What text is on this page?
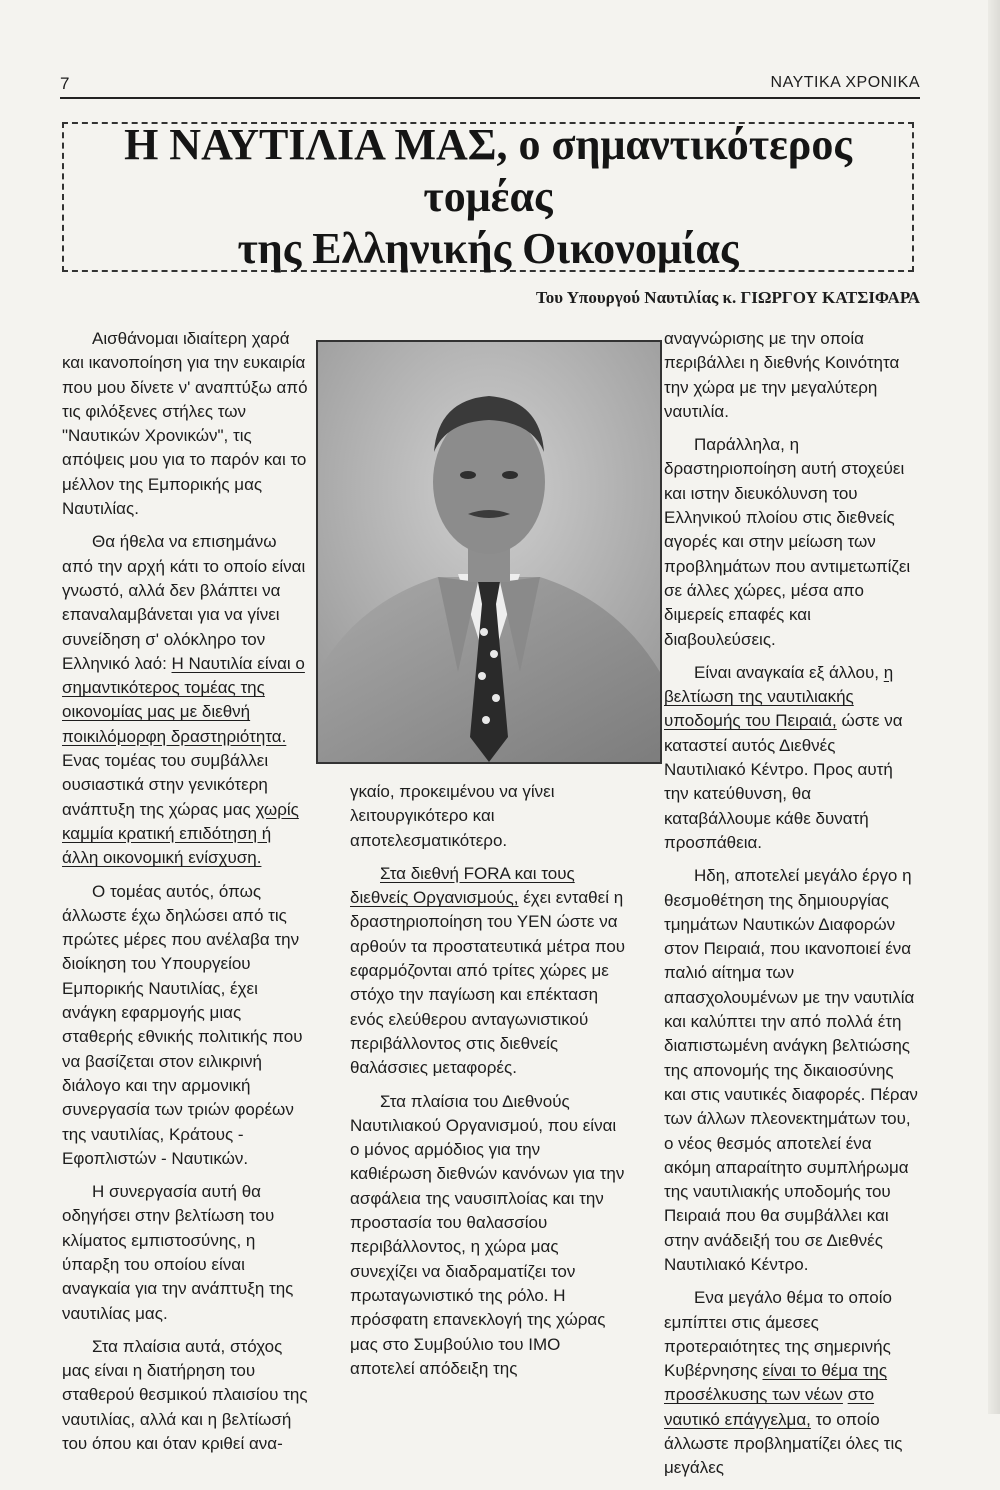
7	ΝΑΥΤΙΚΑ ΧΡΟΝΙΚΑ
Η ΝΑΥΤΙΛΙΑ ΜΑΣ, ο σημαντικότερος τομέας
της Ελληνικής Οικονομίας
Του Υπουργού Ναυτιλίας κ. ΓΙΩΡΓΟΥ ΚΑΤΣΙΦΑΡΑ

Αισθάνομαι ιδιαίτερη χαρά και ικανοποίηση για την ευκαιρία που μου δίνετε ν' αναπτύξω από τις φιλόξενες στήλες των "Ναυτικών Χρονικών", τις απόψεις μου για το παρόν και το μέλλον της Εμπορικής μας Ναυτιλίας.

Θα ήθελα να επισημάνω από την αρχή κάτι το οποίο είναι γνωστό, αλλά δεν βλάπτει να επαναλαμβάνεται για να γίνει συνείδηση σ' ολόκληρο τον Ελληνικό λαό: Η Ναυτιλία είναι ο σημαντικότερος τομέας της οικονομίας μας με διεθνή ποικιλόμορφη δραστηριότητα. Ενας τομέας του συμβάλλει ουσιαστικά στην γενικότερη ανάπτυξη της χώρας μας χωρίς καμμία κρατική επιδότηση ή άλλη οικονομική ενίσχυση.

Ο τομέας αυτός, όπως άλλωστε έχω δηλώσει από τις πρώτες μέρες που ανέλαβα την διοίκηση του Υπουργείου Εμπορικής Ναυτιλίας, έχει ανάγκη εφαρμογής μιας σταθερής εθνικής πολιτικής που να βασίζεται στον ειλικρινή διάλογο και την αρμονική συνεργασία των τριών φορέων της ναυτιλίας, Κράτους - Εφοπλιστών - Ναυτικών.

Η συνεργασία αυτή θα οδηγήσει στην βελτίωση του κλίματος εμπιστοσύνης, η ύπαρξη του οποίου είναι αναγκαία για την ανάπτυξη της ναυτιλίας μας.

Στα πλαίσια αυτά, στόχος μας είναι η διατήρηση του σταθερού θεσμικού πλαισίου της ναυτιλίας, αλλά και η βελτίωσή του όπου και όταν κριθεί ανα-

γκαίο, προκειμένου να γίνει λειτουργικότερο και αποτελεσματικότερο.

Στα διεθνή FORA και τους διεθνείς Οργανισμούς, έχει ενταθεί η δραστηριοποίηση του ΥΕΝ ώστε να αρθούν τα προστατευτικά μέτρα που εφαρμόζονται από τρίτες χώρες με στόχο την παγίωση και επέκταση ενός ελεύθερου ανταγωνιστικού περιβάλλοντος στις διεθνείς θαλάσσιες μεταφορές.

Στα πλαίσια του Διεθνούς Ναυτιλιακού Οργανισμού, που είναι ο μόνος αρμόδιος για την καθιέρωση διεθνών κανόνων για την ασφάλεια της ναυσιπλοίας και την προστασία του θαλασσίου περιβάλλοντος, η χώρα μας συνεχίζει να διαδραματίζει τον πρωταγωνιστικό της ρόλο. Η πρόσφατη επανεκλογή της χώρας μας στο Συμβούλιο του ΙΜΟ αποτελεί απόδειξη της

αναγνώρισης με την οποία περιβάλλει η διεθνής Κοινότητα την χώρα με την μεγαλύτερη ναυτιλία.

Παράλληλα, η δραστηριοποίηση αυτή στοχεύει και ιστην διευκόλυνση του Ελληνικού πλοίου στις διεθνείς αγορές και στην μείωση των προβλημάτων που αντιμετωπίζει σε άλλες χώρες, μέσα απο διμερείς επαφές και διαβουλεύσεις.

Είναι αναγκαία εξ άλλου, η βελτίωση της ναυτιλιακής υποδομής του Πειραιά, ώστε να καταστεί αυτός Διεθνές Ναυτιλιακό Κέντρο. Προς αυτή την κατεύθυνση, θα καταβάλλουμε κάθε δυνατή προσπάθεια.

Ηδη, αποτελεί μεγάλο έργο η θεσμοθέτηση της δημιουργίας τμημάτων Ναυτικών Διαφορών στον Πειραιά, που ικανοποιεί ένα παλιό αίτημα των απασχολουμένων με την ναυτιλία και καλύπτει την από πολλά έτη διαπιστωμένη ανάγκη βελτιώσης της απονομής της δικαιοσύνης και στις ναυτικές διαφορές. Πέραν των άλλων πλεονεκτημάτων του, ο νέος θεσμός αποτελεί ένα ακόμη απαραίτητο συμπλήρωμα της ναυτιλιακής υποδομής του Πειραιά που θα συμβάλλει και στην ανάδειξή του σε Διεθνές Ναυτιλιακό Κέντρο.

Ενα μεγάλο θέμα το οποίο εμπίπτει στις άμεσες προτεραιότητες της σημερινής Κυβέρνησης είναι το θέμα της προσέλκυσης των νέων στο ναυτικό επάγγελμα, το οποίο άλλωστε προβληματίζει όλες τις μεγάλες
